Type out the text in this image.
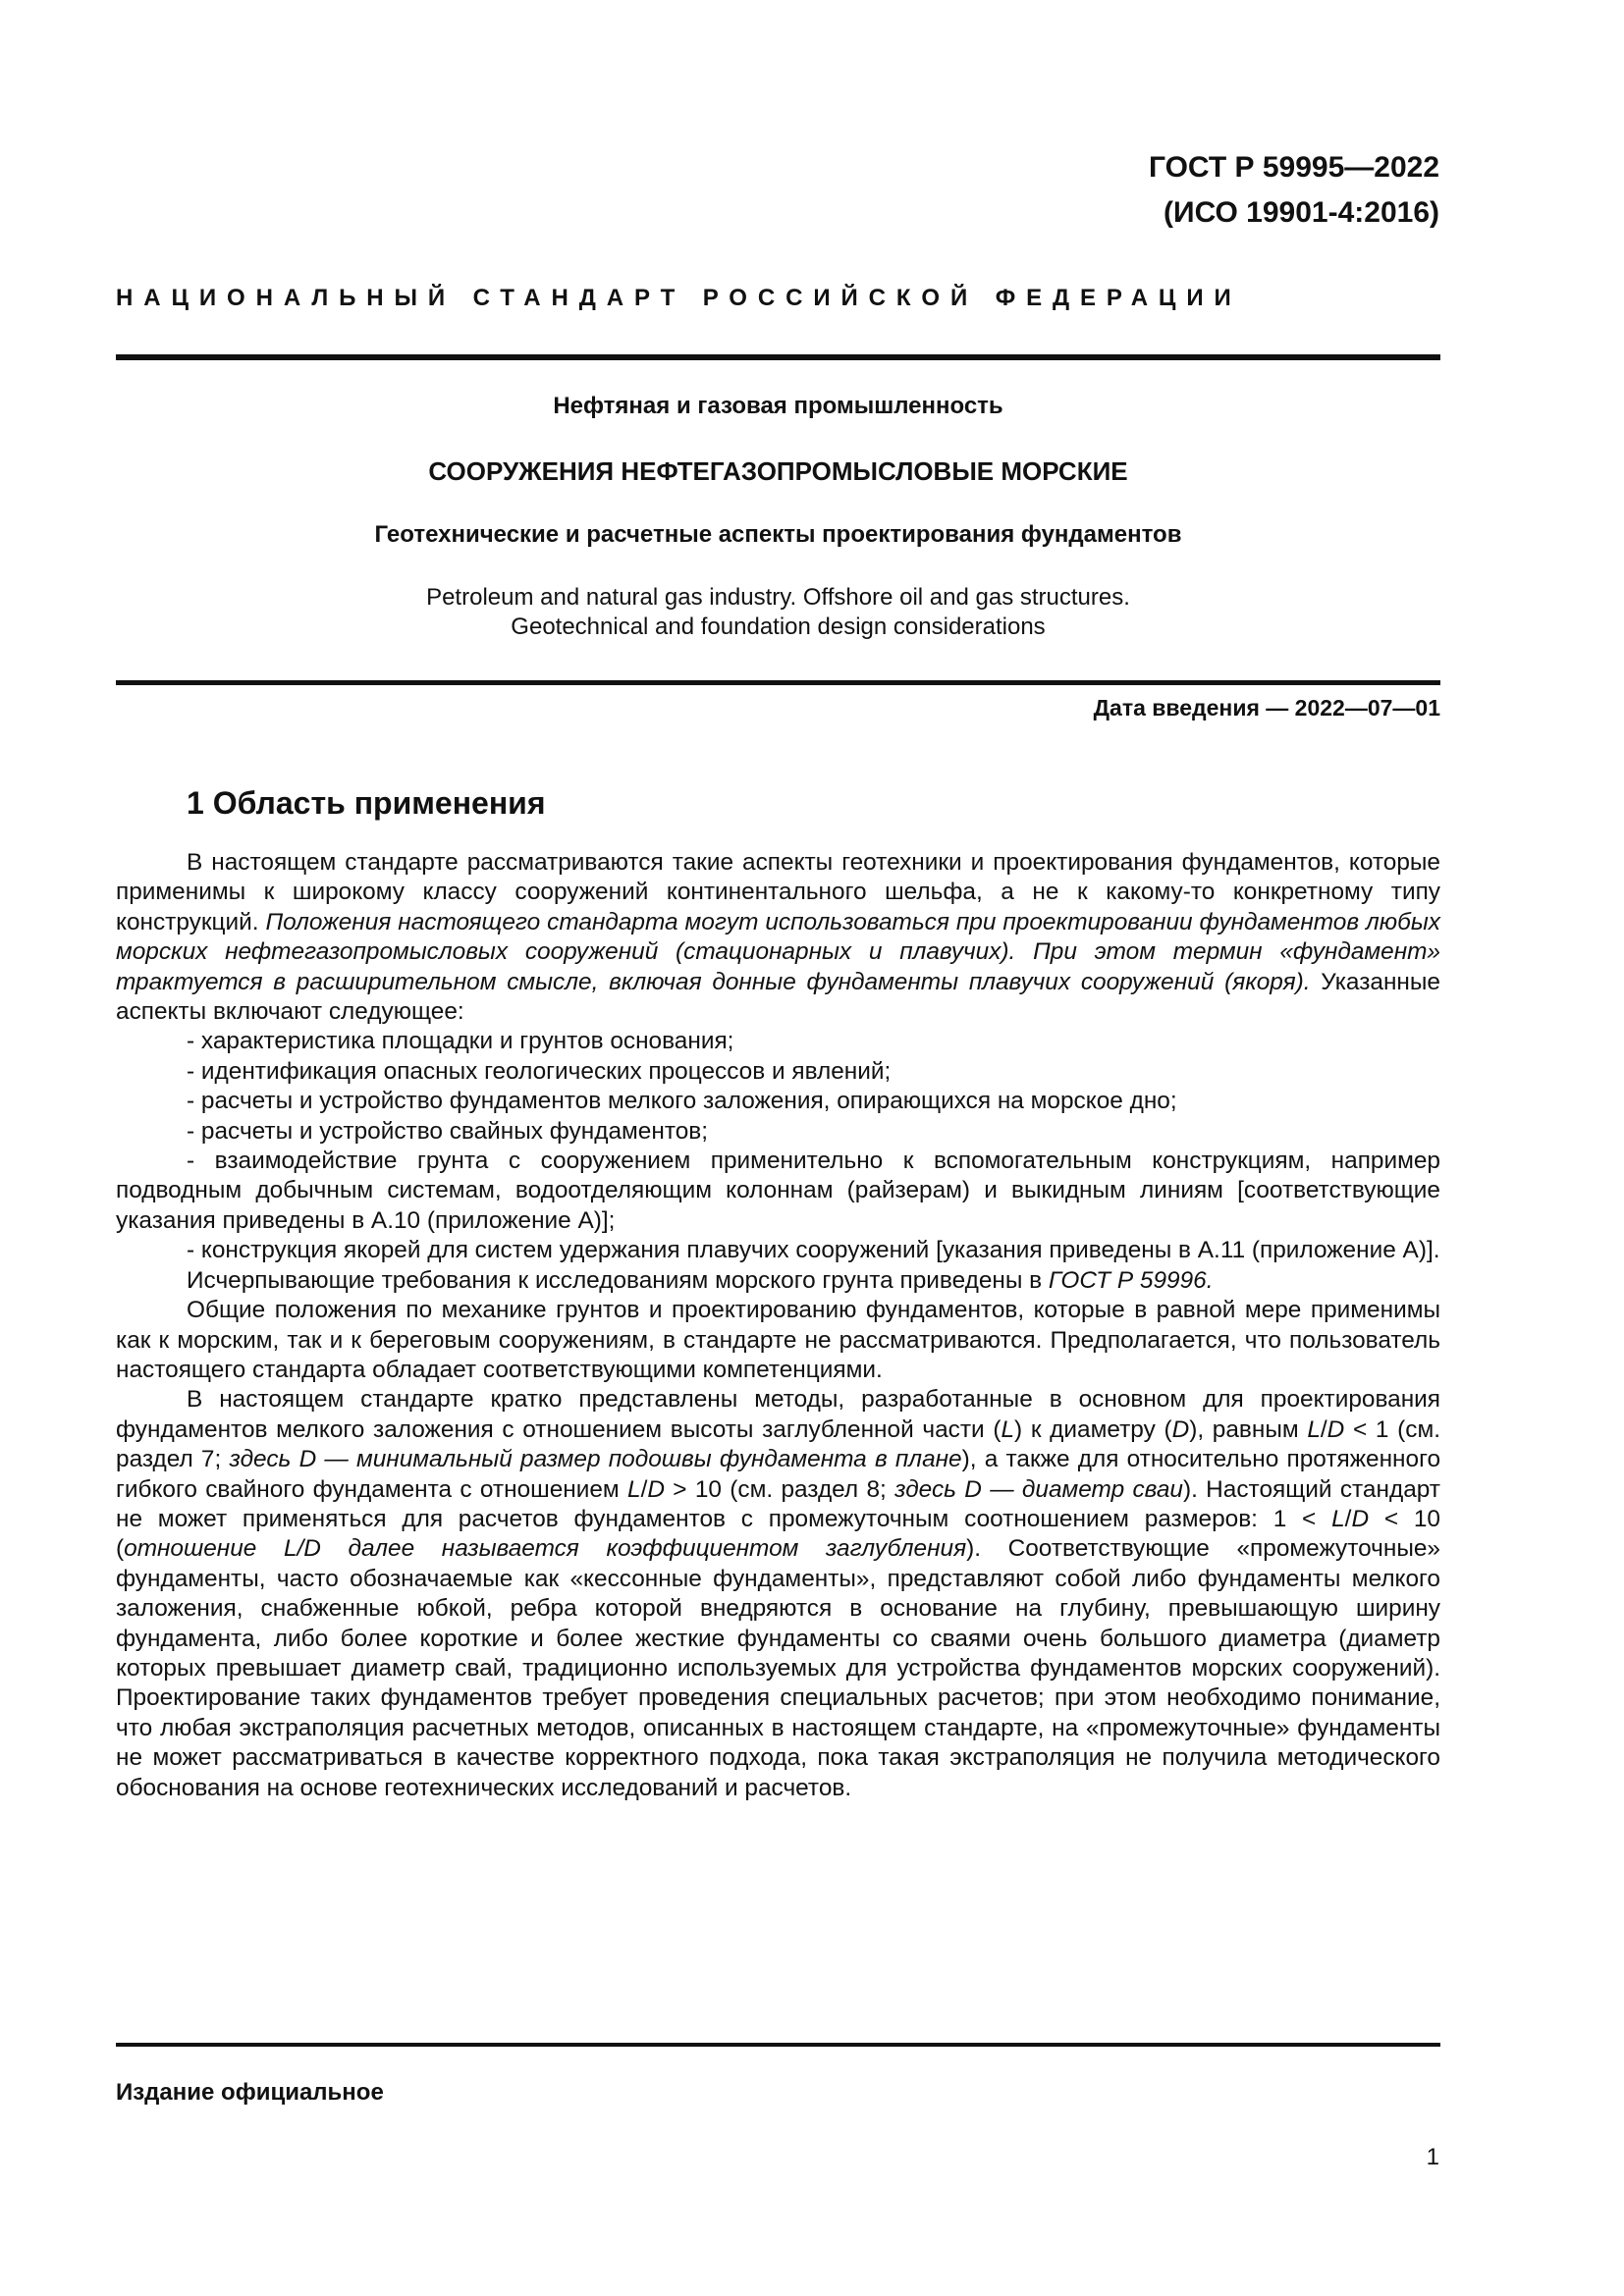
ГОСТ Р 59995—2022
(ИСО 19901-4:2016)
НАЦИОНАЛЬНЫЙ СТАНДАРТ РОССИЙСКОЙ ФЕДЕРАЦИИ
Нефтяная и газовая промышленность
СООРУЖЕНИЯ НЕФТЕГАЗОПРОМЫСЛОВЫЕ МОРСКИЕ
Геотехнические и расчетные аспекты проектирования фундаментов
Petroleum and natural gas industry. Offshore oil and gas structures.
Geotechnical and foundation design considerations
Дата введения — 2022—07—01
1 Область применения

В настоящем стандарте рассматриваются такие аспекты геотехники и проектирования фундаментов, которые применимы к широкому классу сооружений континентального шельфа, а не к какому-то конкретному типу конструкций. Положения настоящего стандарта могут использоваться при проектировании фундаментов любых морских нефтегазопромысловых сооружений (стационарных и плавучих). При этом термин «фундамент» трактуется в расширительном смысле, включая донные фундаменты плавучих сооружений (якоря). Указанные аспекты включают следующее:

- характеристика площадки и грунтов основания;

- идентификация опасных геологических процессов и явлений;

- расчеты и устройство фундаментов мелкого заложения, опирающихся на морское дно;

- расчеты и устройство свайных фундаментов;

- взаимодействие грунта с сооружением применительно к вспомогательным конструкциям, например подводным добычным системам, водоотделяющим колоннам (райзерам) и выкидным линиям [соответствующие указания приведены в А.10 (приложение А)];

- конструкция якорей для систем удержания плавучих сооружений [указания приведены в А.11 (приложение А)].

Исчерпывающие требования к исследованиям морского грунта приведены в ГОСТ Р 59996.

Общие положения по механике грунтов и проектированию фундаментов, которые в равной мере применимы как к морским, так и к береговым сооружениям, в стандарте не рассматриваются. Предполагается, что пользователь настоящего стандарта обладает соответствующими компетенциями.

В настоящем стандарте кратко представлены методы, разработанные в основном для проектирования фундаментов мелкого заложения с отношением высоты заглубленной части (L) к диаметру (D), равным L/D < 1 (см. раздел 7; здесь D — минимальный размер подошвы фундамента в плане), а также для относительно протяженного гибкого свайного фундамента с отношением L/D > 10 (см. раздел 8; здесь D — диаметр сваи). Настоящий стандарт не может применяться для расчетов фундаментов с промежуточным соотношением размеров: 1 < L/D < 10 (отношение L/D далее называется коэффициентом заглубления). Соответствующие «промежуточные» фундаменты, часто обозначаемые как «кессонные фундаменты», представляют собой либо фундаменты мелкого заложения, снабженные юбкой, ребра которой внедряются в основание на глубину, превышающую ширину фундамента, либо более короткие и более жесткие фундаменты со сваями очень большого диаметра (диаметр которых превышает диаметр свай, традиционно используемых для устройства фундаментов морских сооружений). Проектирование таких фундаментов требует проведения специальных расчетов; при этом необходимо понимание, что любая экстраполяция расчетных методов, описанных в настоящем стандарте, на «промежуточные» фундаменты не может рассматриваться в качестве корректного подхода, пока такая экстраполяция не получила методического обоснования на основе геотехнических исследований и расчетов.

Издание официальное
1
